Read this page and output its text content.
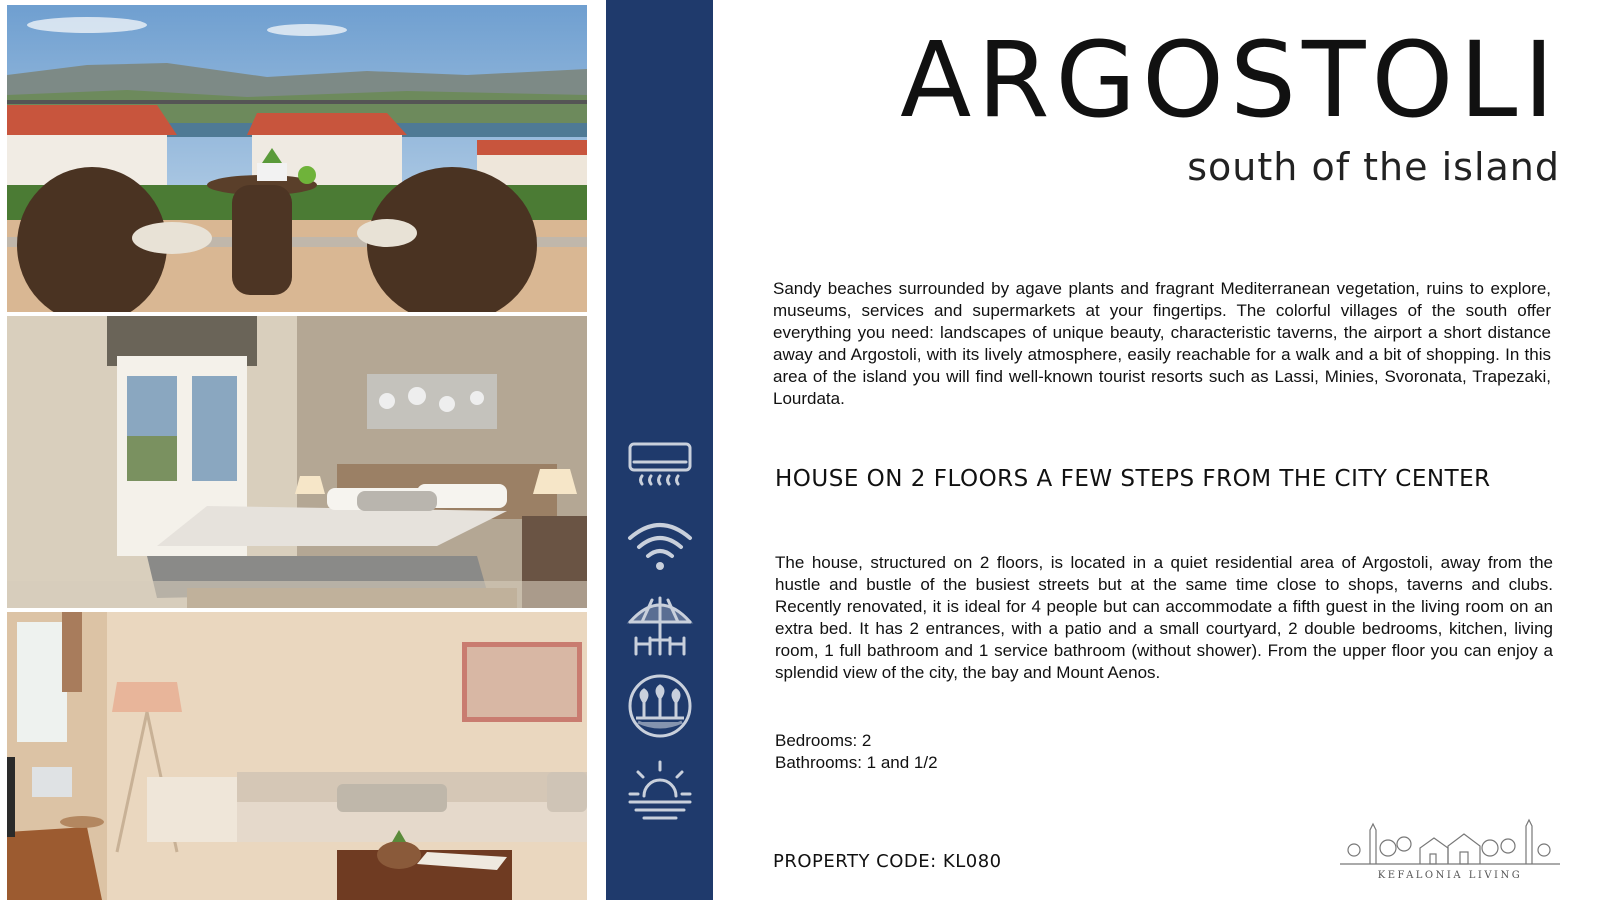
ARGOSTOLI
south of the island
Sandy beaches surrounded by agave plants and fragrant Mediterranean vegetation, ruins to explore, museums, services and supermarkets at your fingertips. The colorful villages of the south offer everything you need: landscapes of unique beauty, characteristic taverns, the airport a short distance away and Argostoli, with its lively atmosphere, easily reachable for a walk and a bit of shopping. In this area of the island you will find well-known tourist resorts such as Lassi, Minies, Svoronata, Trapezaki, Lourdata.
HOUSE ON 2 FLOORS A FEW STEPS FROM THE CITY CENTER
The house, structured on 2 floors, is located in a quiet residential area of Argostoli, away from the hustle and bustle of the busiest streets but at the same time close to shops, taverns and clubs. Recently renovated, it is ideal for 4 people but can accommodate a fifth guest in the living room on an extra bed. It has 2 entrances, with a patio and a small courtyard, 2 double bedrooms, kitchen, living room, 1 full bathroom and 1 service bathroom (without shower). From the upper floor you can enjoy a splendid view of the city, the bay and Mount Aenos.
Bedrooms: 2
Bathrooms: 1 and 1/2
PROPERTY CODE: KL080
KEFALONIA LIVING
